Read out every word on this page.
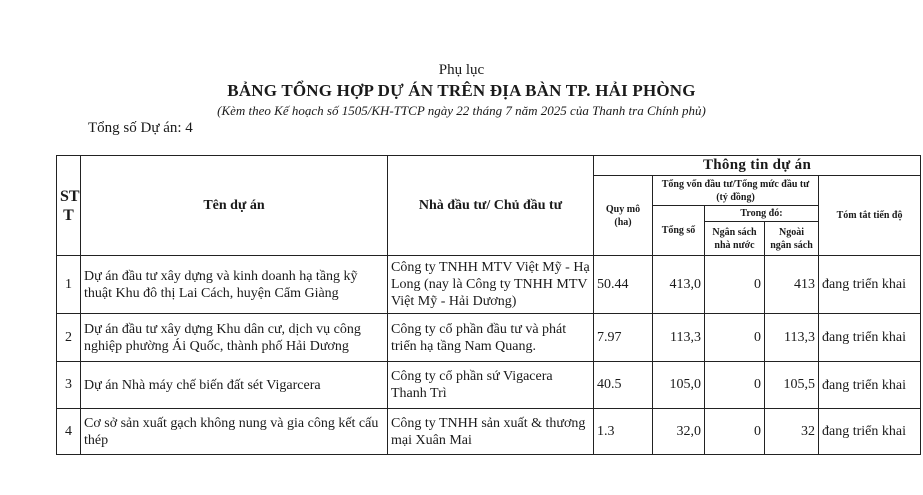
Phụ lục
BẢNG TỔNG HỢP DỰ ÁN TRÊN ĐỊA BÀN TP. HẢI PHÒNG
(Kèm theo Kế hoạch số 1505/KH-TTCP ngày 22 tháng 7 năm 2025 của Thanh tra Chính phủ)
Tổng số Dự án: 4
ST
T	Tên dự án	Nhà đầu tư/ Chủ đầu tư	Thông tin dự án				
			Quy mô (ha)	Tổng vốn đầu tư/Tổng mức đầu tư (tỷ đồng)			Tóm tắt tiến độ
				Tổng số	Trong đó:		
					Ngân sách nhà nước	Ngoài ngân sách	
1	Dự án đầu tư xây dựng và kinh doanh hạ tầng kỹ thuật Khu đô thị Lai Cách, huyện Cẩm Giàng	Công ty TNHH MTV Việt Mỹ - Hạ Long (nay là Công ty TNHH MTV Việt Mỹ - Hải Dương)	50.44	413,0	0	413	đang triển khai
2	Dự án đầu tư xây dựng Khu dân cư, dịch vụ công nghiệp phường Ái Quốc, thành phố Hải Dương	Công ty cổ phần đầu tư và phát triển hạ tầng Nam Quang.	7.97	113,3	0	113,3	đang triển khai
3	Dự án Nhà máy chế biến đất sét Vigarcera	Công ty cổ phần sứ Vigacera Thanh Trì	40.5	105,0	0	105,5	đang triển khai
4	Cơ sở sản xuất gạch không nung và gia công kết cấu thép	Công ty TNHH sản xuất & thương mại Xuân Mai	1.3	32,0	0	32	đang triển khai
